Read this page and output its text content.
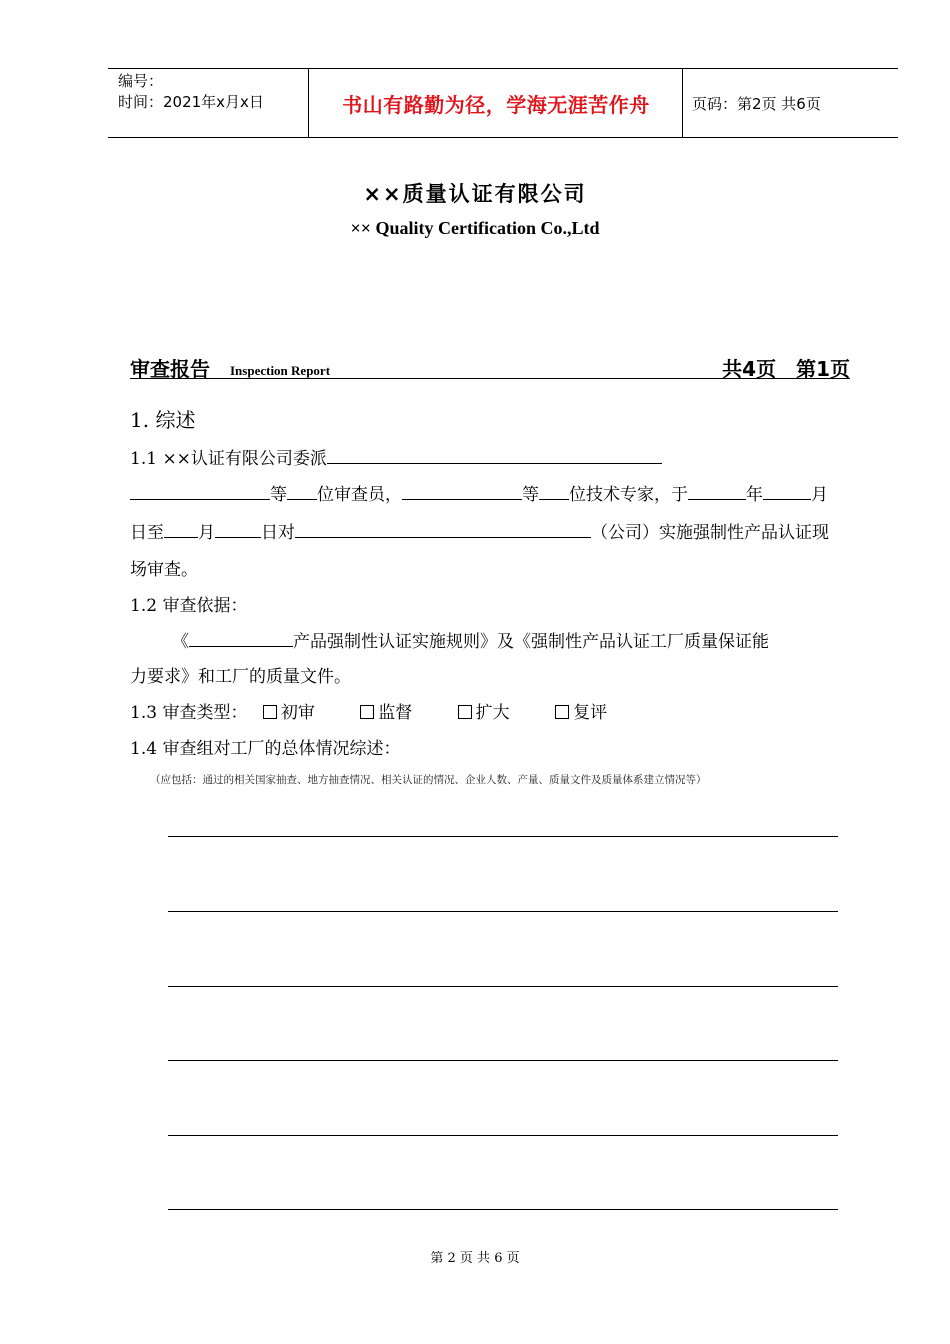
编号：
时间：2021年x月x日	书山有路勤为径，学海无涯苦作舟	页码：第2页 共6页
××质量认证有限公司
×× Quality Certification Co.,Ltd
审查报告 Inspection Report	共4页　第1页
1. 综述
1.1 ××认证有限公司委派
等 位审查员，	等 位技术专家，于	年	月
日至 月	日对	（公司）实施强制性产品认证现
场审查。
1.2 审查依据：
《	产品强制性认证实施规则》及《强制性产品认证工厂质量保证能
力要求》和工厂的质量文件。
1.3 审查类型： 初审	监督	扩大	复评
1.4 审查组对工厂的总体情况综述：
（应包括：通过的相关国家抽查、地方抽查情况、相关认证的情况、企业人数、产量、质量文件及质量体系建立情况等）
第 2 页 共 6 页
